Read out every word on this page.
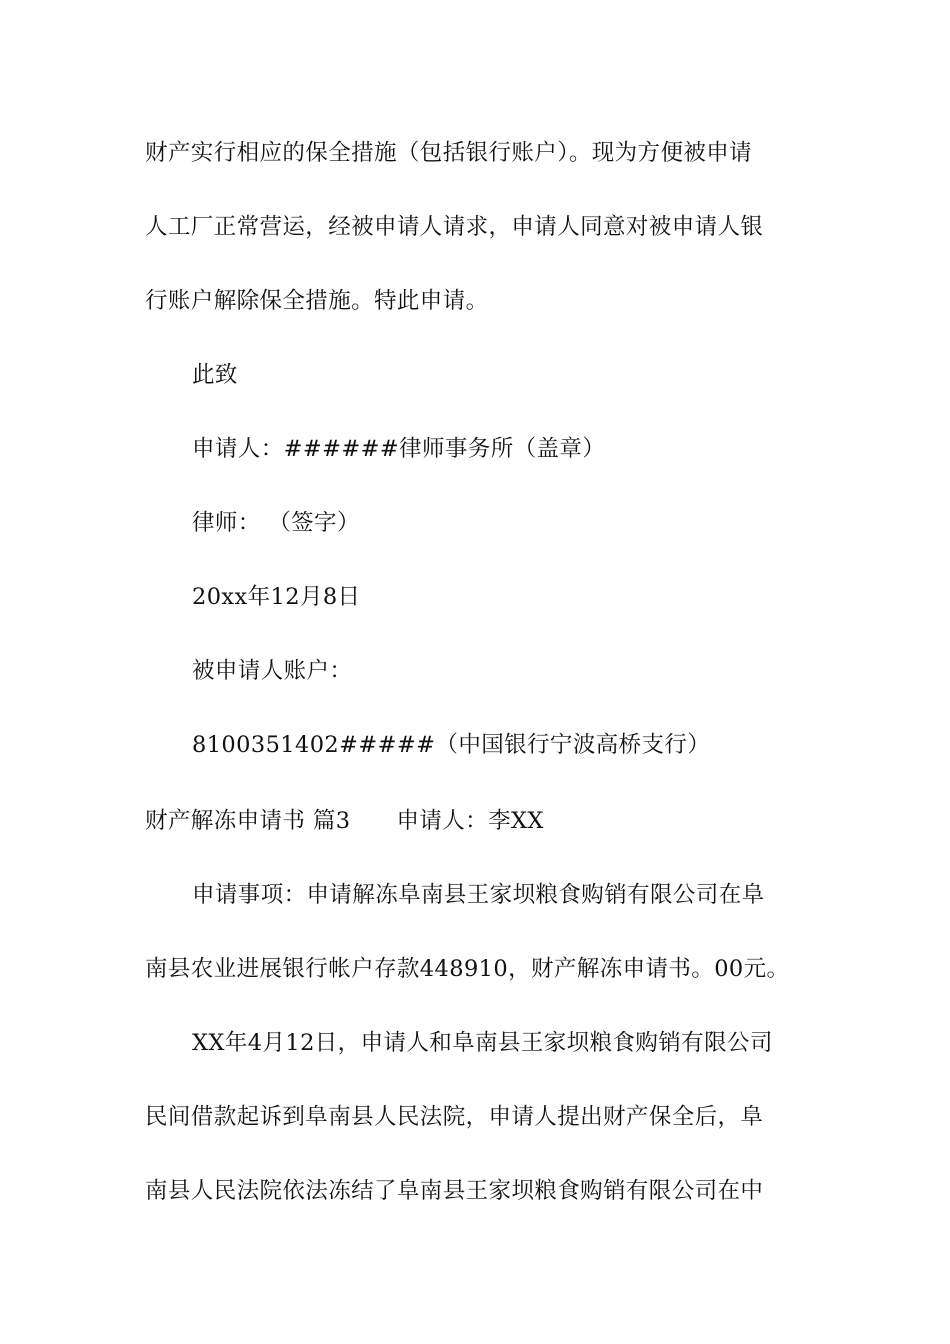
财产实行相应的保全措施（包括银行账户）。现为方便被申请
人工厂正常营运，经被申请人请求，申请人同意对被申请人银
行账户解除保全措施。特此申请。
此致
申请人：######律师事务所（盖章）
律师： （签字）
20xx年12月8日
被申请人账户：
8100351402#####（中国银行宁波高桥支行）
财产解冻申请书 篇3 申请人：李XX
申请事项：申请解冻阜南县王家坝粮食购销有限公司在阜
南县农业进展银行帐户存款448910，财产解冻申请书。00元。
XX年4月12日，申请人和阜南县王家坝粮食购销有限公司
民间借款起诉到阜南县人民法院，申请人提出财产保全后，阜
南县人民法院依法冻结了阜南县王家坝粮食购销有限公司在中
